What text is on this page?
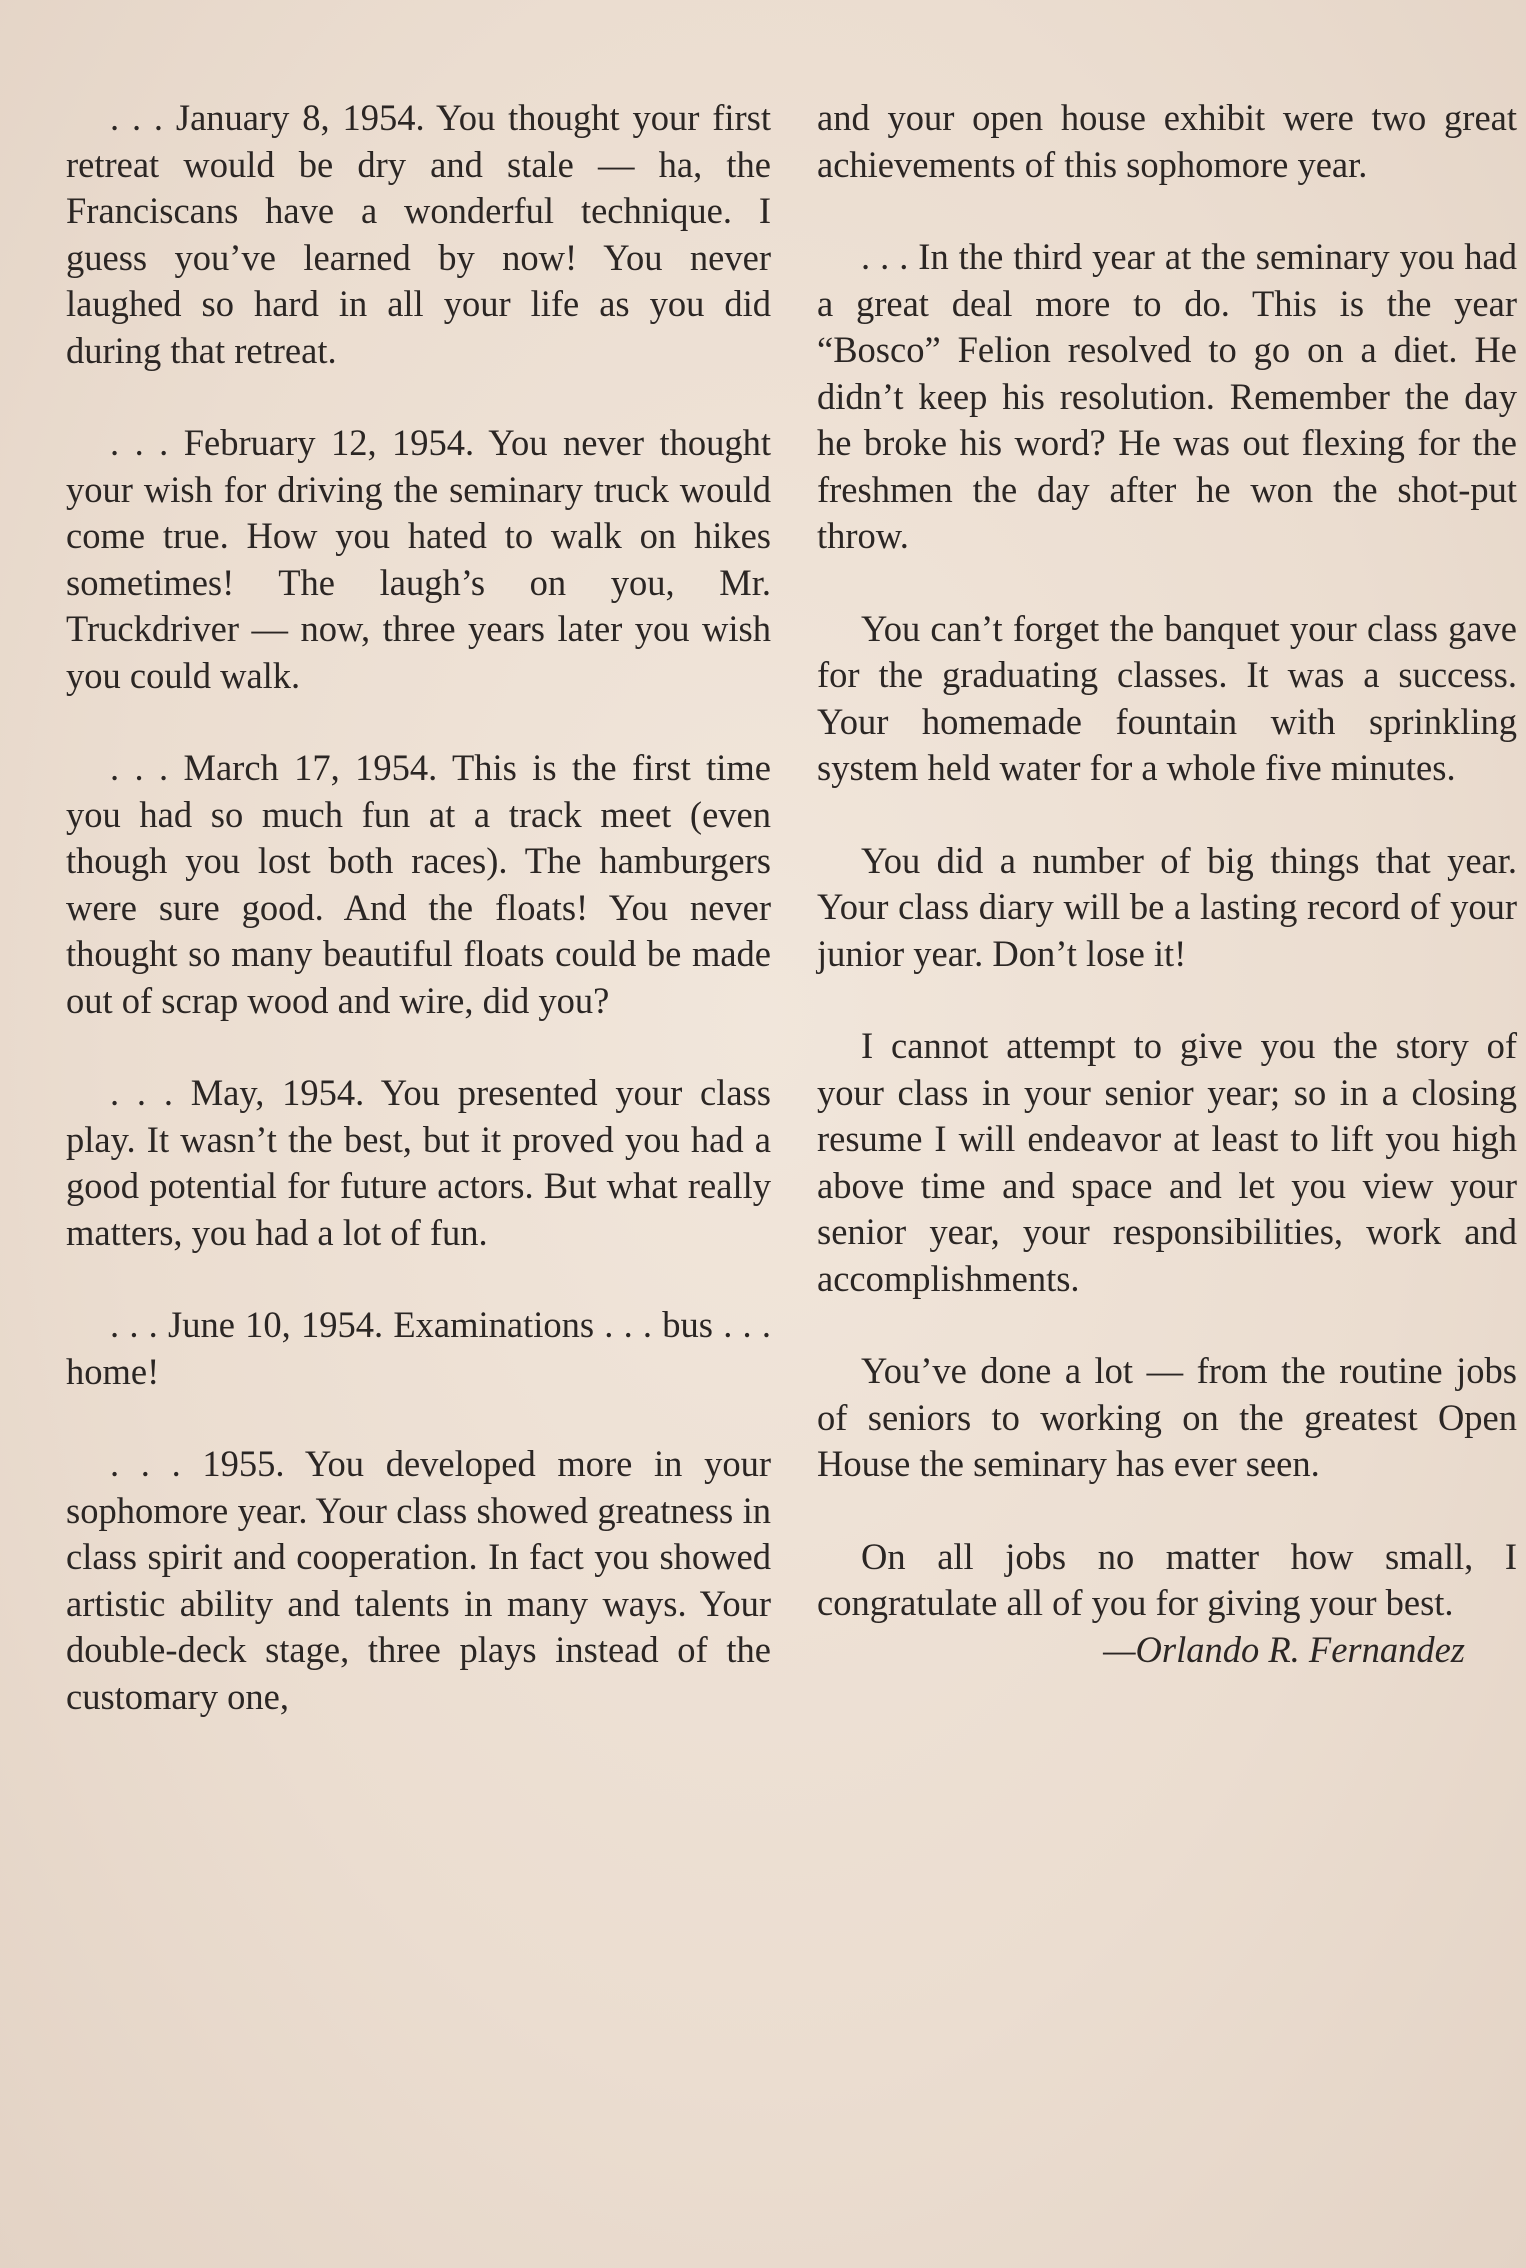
. . . January 8, 1954. You thought your first retreat would be dry and stale — ha, the Franciscans have a wonderful technique. I guess you’ve learned by now! You never laughed so hard in all your life as you did during that retreat.

. . . February 12, 1954. You never thought your wish for driving the seminary truck would come true. How you hated to walk on hikes sometimes! The laugh’s on you, Mr. Truckdriver — now, three years later you wish you could walk.

. . . March 17, 1954. This is the first time you had so much fun at a track meet (even though you lost both races). The hamburgers were sure good. And the floats! You never thought so many beautiful floats could be made out of scrap wood and wire, did you?

. . . May, 1954. You presented your class play. It wasn’t the best, but it proved you had a good potential for future actors. But what really matters, you had a lot of fun.

. . . June 10, 1954. Examinations . . . bus . . . home!

. . . 1955. You developed more in your sophomore year. Your class showed greatness in class spirit and cooperation. In fact you showed artistic ability and talents in many ways. Your double-deck stage, three plays instead of the customary one,

and your open house exhibit were two great achievements of this sophomore year.

. . . In the third year at the seminary you had a great deal more to do. This is the year “Bosco” Felion resolved to go on a diet. He didn’t keep his resolution. Remember the day he broke his word? He was out flexing for the freshmen the day after he won the shot-put throw.

You can’t forget the banquet your class gave for the graduating classes. It was a success. Your homemade fountain with sprinkling system held water for a whole five minutes.

You did a number of big things that year. Your class diary will be a lasting record of your junior year. Don’t lose it!

I cannot attempt to give you the story of your class in your senior year; so in a closing resume I will endeavor at least to lift you high above time and space and let you view your senior year, your responsibilities, work and accomplishments.

You’ve done a lot — from the routine jobs of seniors to working on the greatest Open House the seminary has ever seen.

On all jobs no matter how small, I congratulate all of you for giving your best.

—Orlando R. Fernandez
